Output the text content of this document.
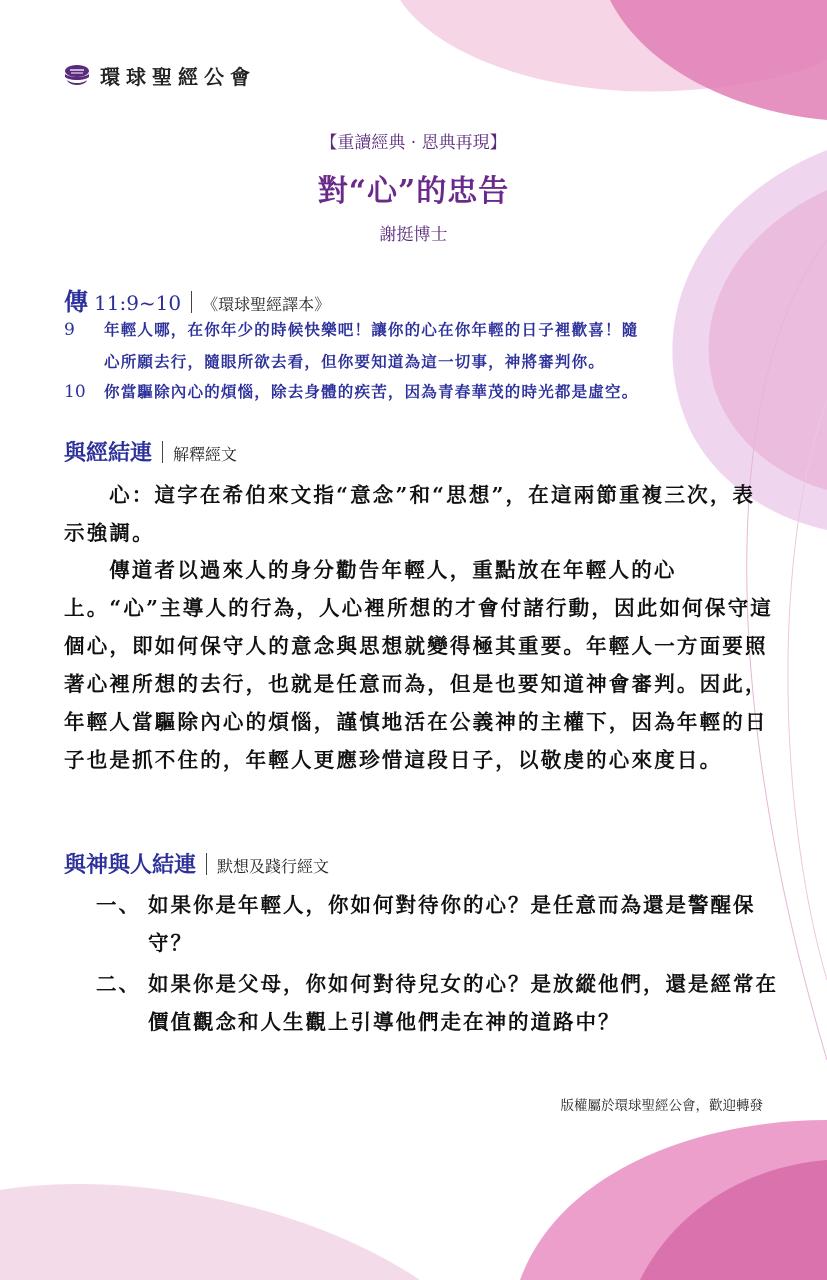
環球聖經公會
【重讀經典 · 恩典再現】
對“心”的忠告
謝挺博士
傳 11:9~10 《環球聖經譯本》
9 年輕人哪，在你年少的時候快樂吧！讓你的心在你年輕的日子裡歡喜！隨
心所願去行，隨眼所欲去看，但你要知道為這一切事，神將審判你。
10 你當驅除內心的煩惱，除去身體的疾苦，因為青春華茂的時光都是虛空。
與經結連 解釋經文

心：這字在希伯來文指“意念”和“思想”，在這兩節重複三次，表示強調。

傳道者以過來人的身分勸告年輕人，重點放在年輕人的心上。“心”主導人的行為，人心裡所想的才會付諸行動，因此如何保守這個心，即如何保守人的意念與思想就變得極其重要。年輕人一方面要照著心裡所想的去行，也就是任意而為，但是也要知道神會審判。因此，年輕人當驅除內心的煩惱，謹慎地活在公義神的主權下，因為年輕的日子也是抓不住的，年輕人更應珍惜這段日子，以敬虔的心來度日。

與神與人結連 默想及踐行經文
一、 如果你是年輕人，你如何對待你的心？是任意而為還是警醒保守？
二、 如果你是父母，你如何對待兒女的心？是放縱他們，還是經常在價值觀念和人生觀上引導他們走在神的道路中？
版權屬於環球聖經公會，歡迎轉發
